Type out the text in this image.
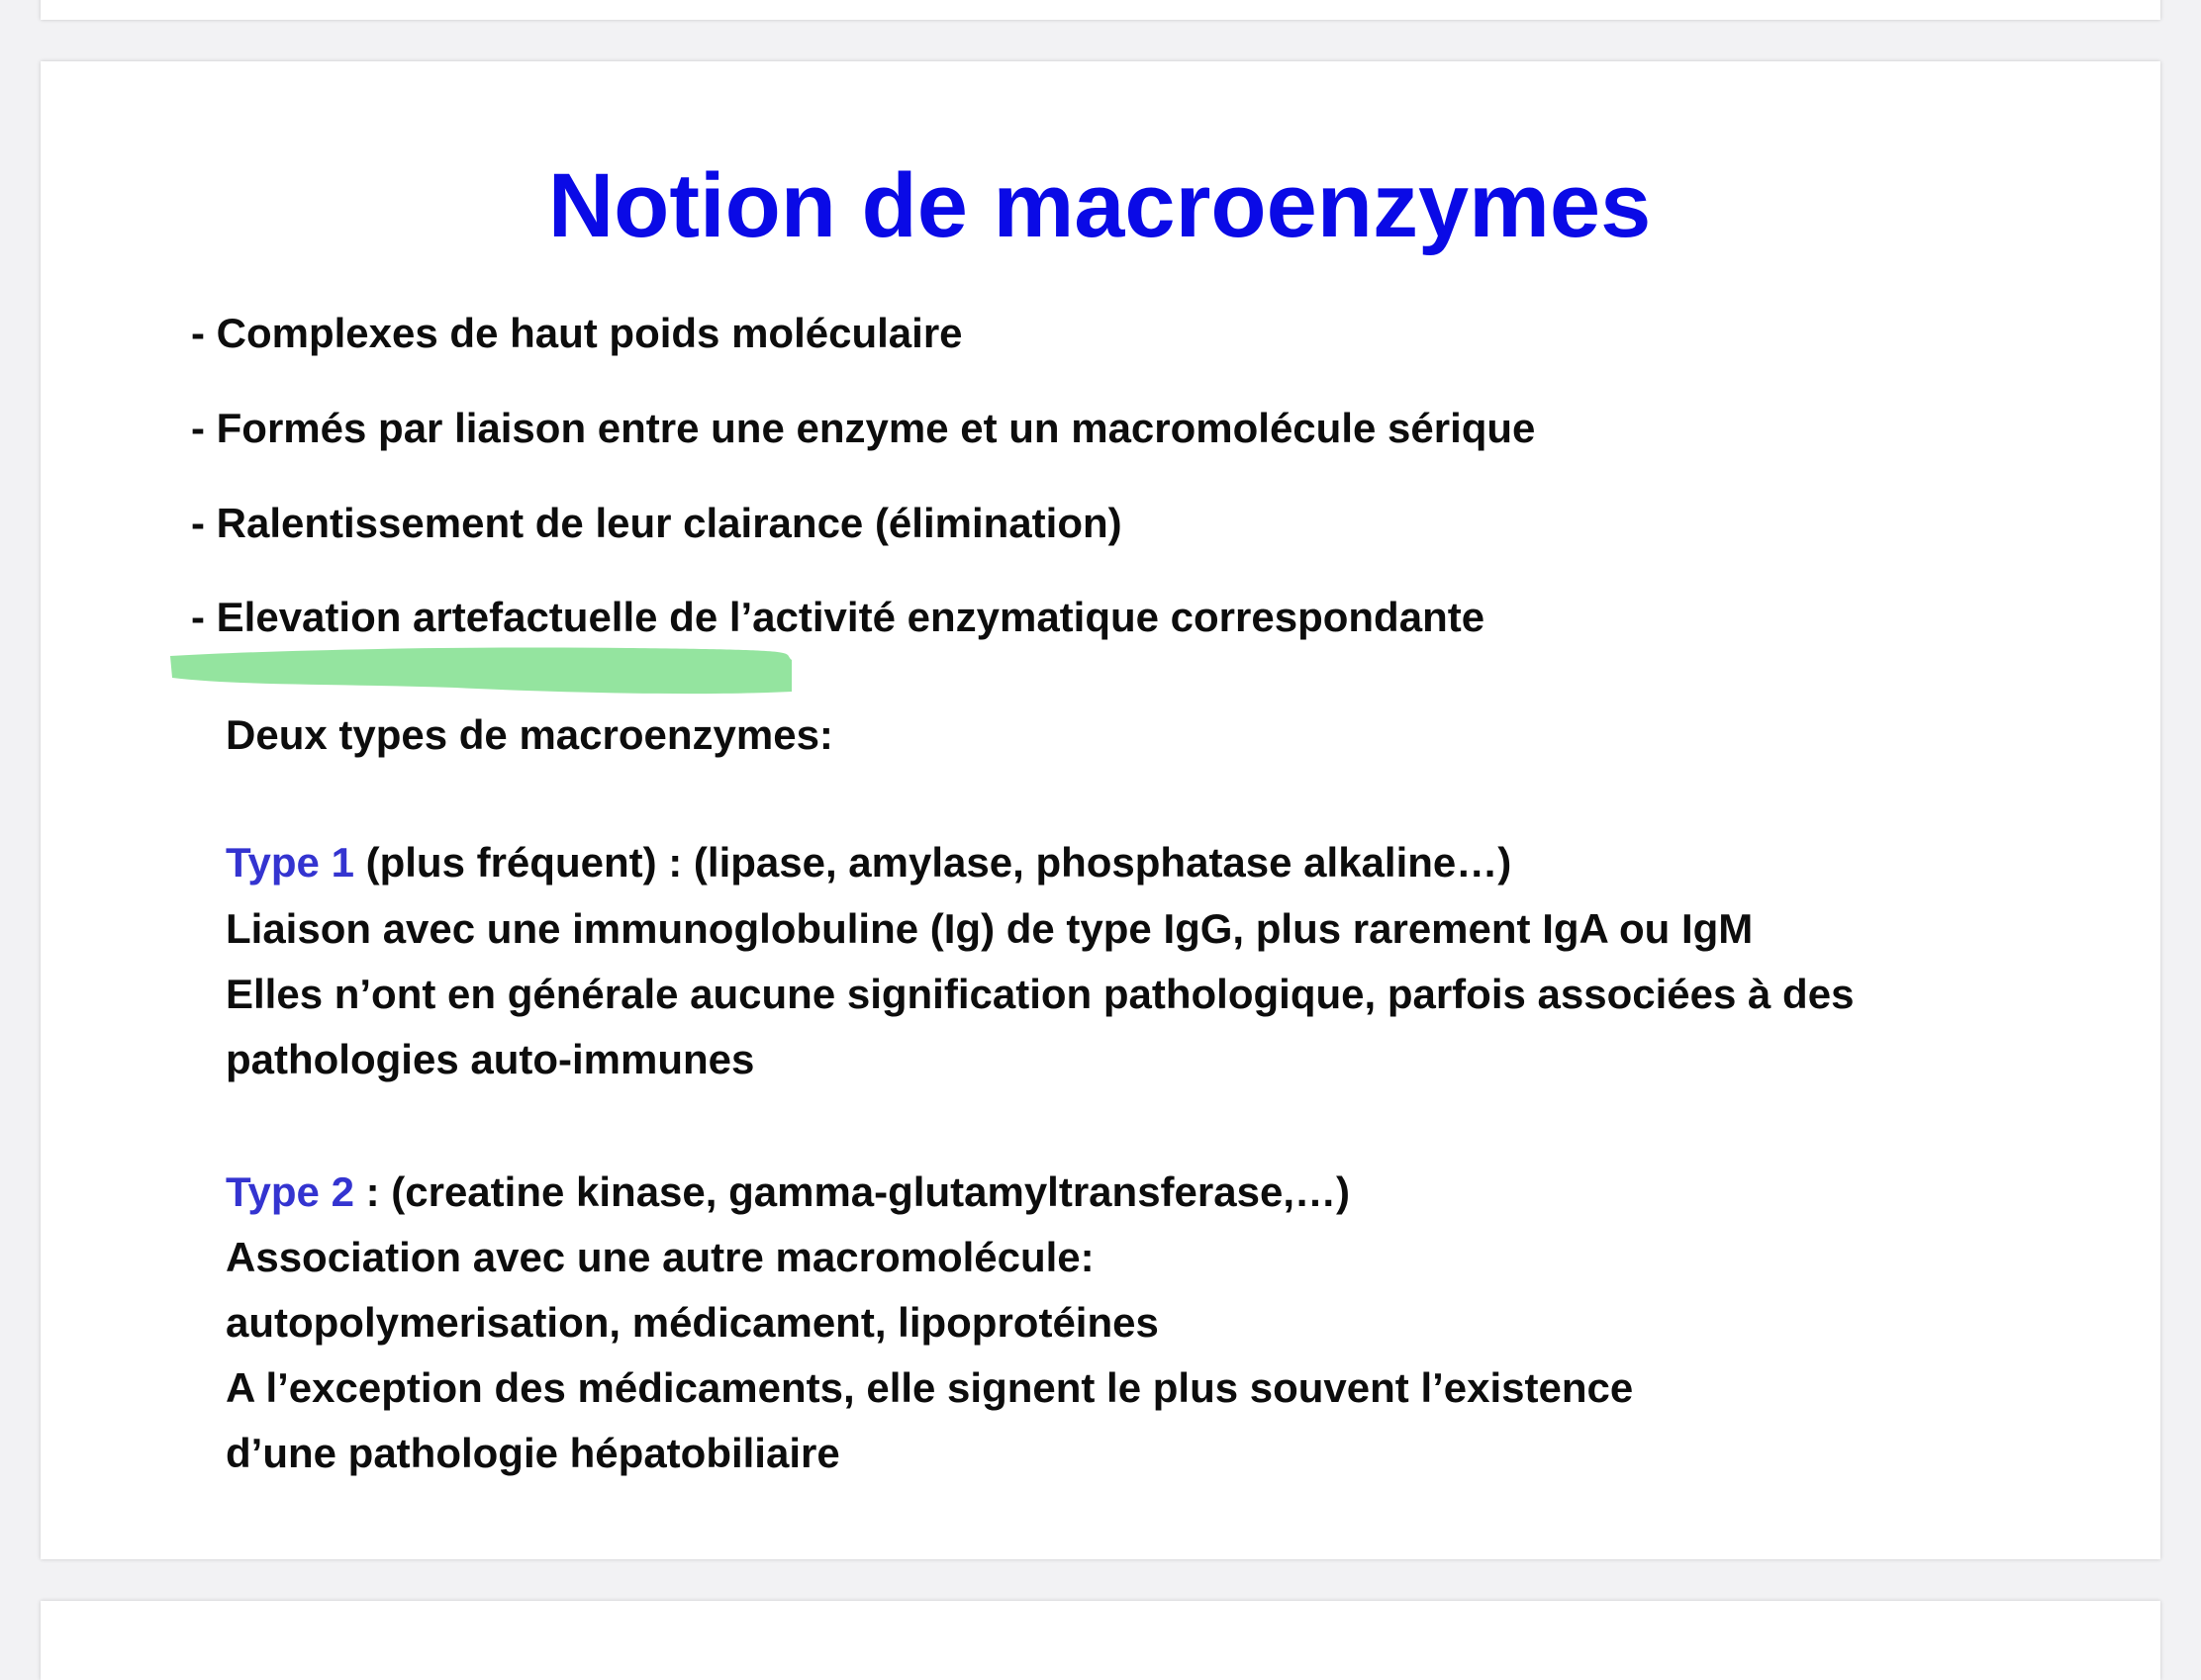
Notion de macroenzymes

- Complexes de haut poids moléculaire

- Formés par liaison entre une enzyme et un macromolécule sérique

- Ralentissement de leur clairance (élimination)

- Elevation artefactuelle de l’activité enzymatique correspondante

Deux types de macroenzymes:

Type 1 (plus fréquent) : (lipase, amylase, phosphatase alkaline…)

Liaison avec une immunoglobuline (Ig) de type IgG, plus rarement IgA ou IgM

Elles n’ont en générale aucune signification pathologique, parfois associées à des

pathologies auto-immunes

Type 2 : (creatine kinase, gamma-glutamyltransferase,…)

Association avec une autre macromolécule:

autopolymerisation, médicament, lipoprotéines

A l’exception des médicaments, elle signent le plus souvent l’existence

d’une pathologie hépatobiliaire
